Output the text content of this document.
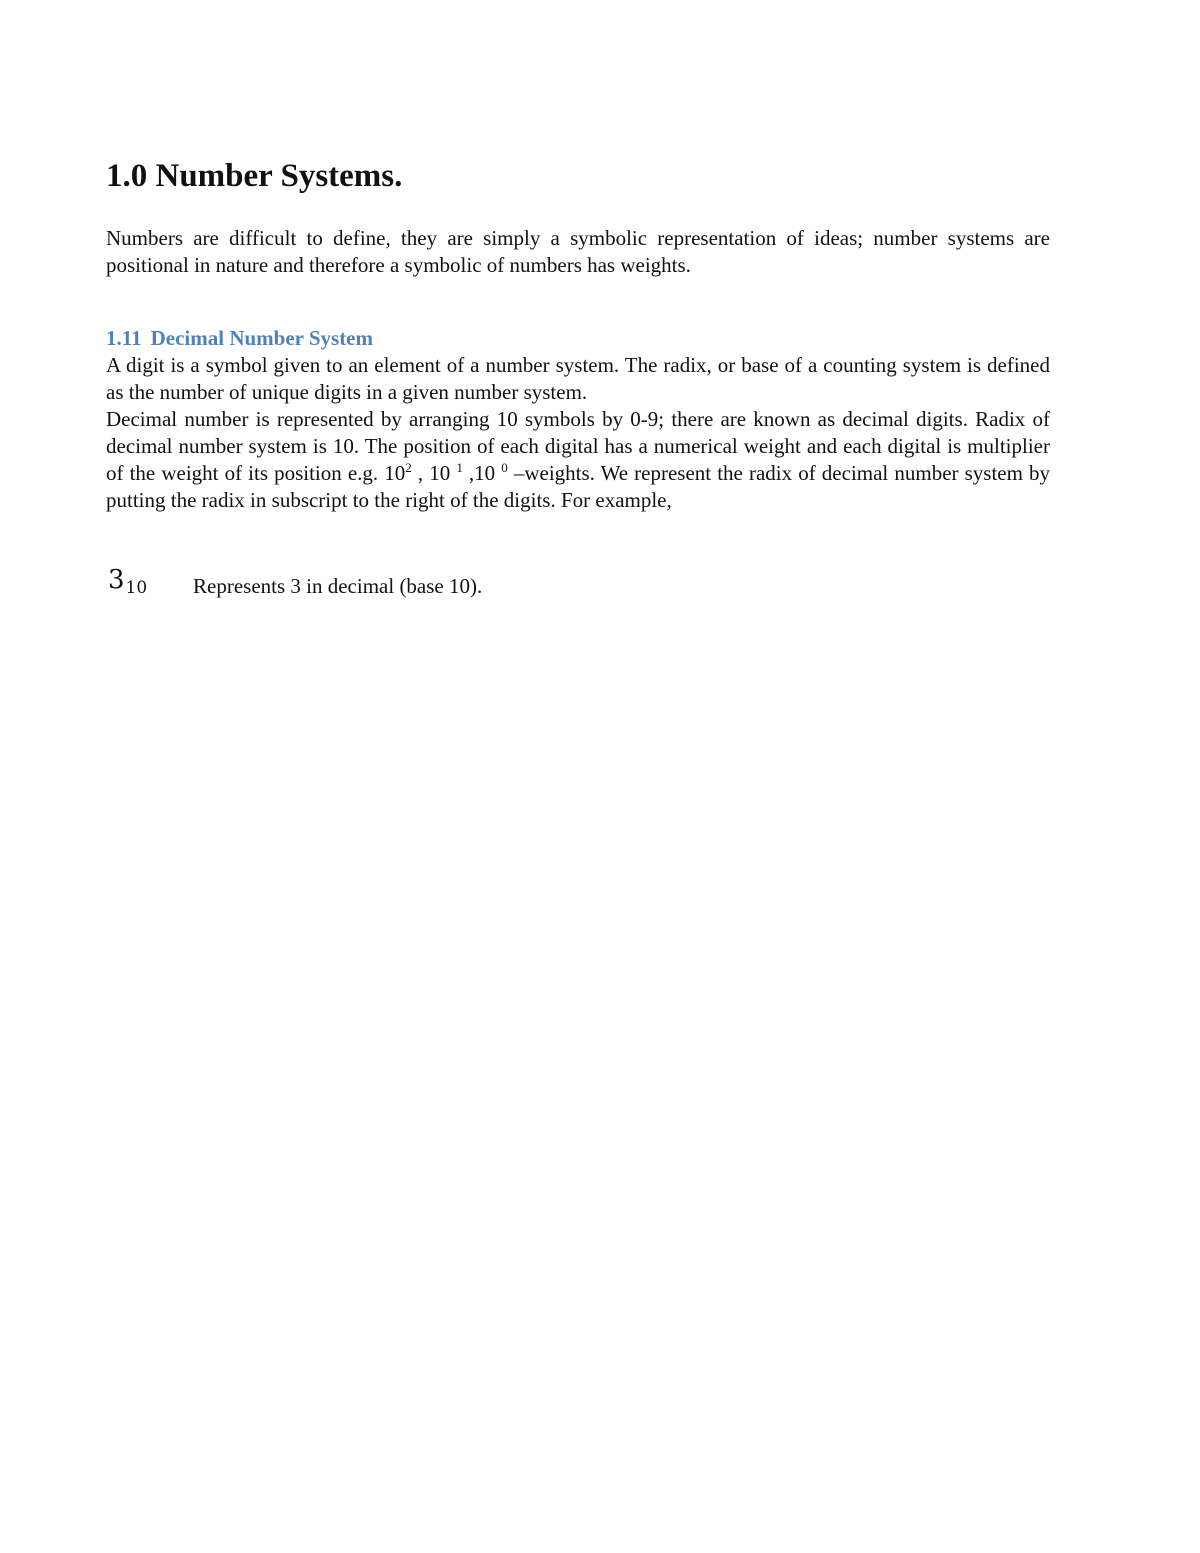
1.0 Number Systems.

Numbers are difficult to define, they are simply a symbolic representation of ideas; number systems are positional in nature and therefore a symbolic of numbers has weights.

1.11 Decimal Number System

A digit is a symbol given to an element of a number system. The radix, or base of a counting system is defined as the number of unique digits in a given number system.

Decimal number is represented by arranging 10 symbols by 0-9; there are known as decimal digits. Radix of decimal number system is 10. The position of each digital has a numerical weight and each digital is multiplier of the weight of its position e.g. $10^2$ , 10 $^1$ ,10 $^0$ –weights. We represent the radix of decimal number system by putting the radix in subscript to the right of the digits. For example,

$3_{10}$ Represents 3 in decimal (base 10).
